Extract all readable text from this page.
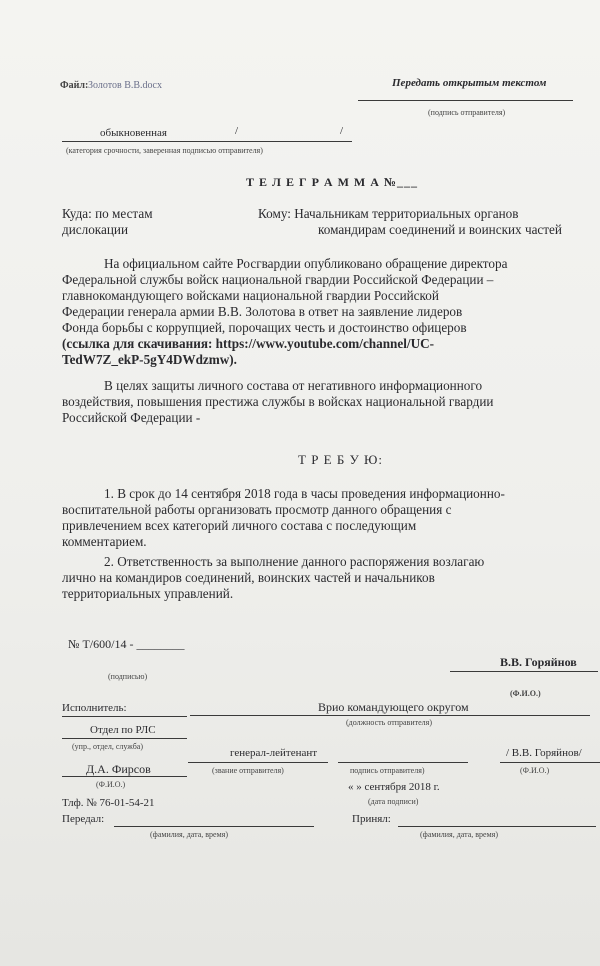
Файл: Золотов В.В.docx	Передать открытым текстом
(подпись отправителя)
обыкновенная	/	/
(категория срочности, заверенная подписью отправителя)
Т Е Л Е Г Р А М М А №___
Куда: по местам
дислокации
Кому: Начальникам территориальных органов
командирам соединений и воинских частей
На официальном сайте Росгвардии опубликовано обращение директора
Федеральной службы войск национальной гвардии Российской Федерации –
главнокомандующего войсками национальной гвардии Российской
Федерации генерала армии В.В. Золотова в ответ на заявление лидеров
Фонда борьбы с коррупцией, порочащих честь и достоинство офицеров
(ссылка для скачивания: https://www.youtube.com/channel/UC-
TedW7Z_ekP-5gY4DWdzmw).
В целях защиты личного состава от негативного информационного
воздействия, повышения престижа службы в войсках национальной гвардии
Российской Федерации -
Т Р Е Б У Ю:
1. В срок до 14 сентября 2018 года в часы проведения информационно-
воспитательной работы организовать просмотр данного обращения с
привлечением всех категорий личного состава с последующим
комментарием.
2. Ответственность за выполнение данного распоряжения возлагаю
лично на командиров соединений, воинских частей и начальников
территориальных управлений.
№ Т/600/14 - ________
(подписью)
В.В. Горяйнов
(Ф.И.О.)
Исполнитель:	Врио командующего округом
(должность отправителя)
Отдел по РЛС
(упр., отдел, служба)
генерал-лейтенант
(звание отправителя)	подпись отправителя)
/ В.В. Горяйнов/
(Ф.И.О.)
Д.А. Фирсов
(Ф.И.О.)	« » сентября 2018 г.
(дата подписи)
Тлф. № 76-01-54-21
Передал:
(фамилия, дата, время)
Принял:
(фамилия, дата, время)
